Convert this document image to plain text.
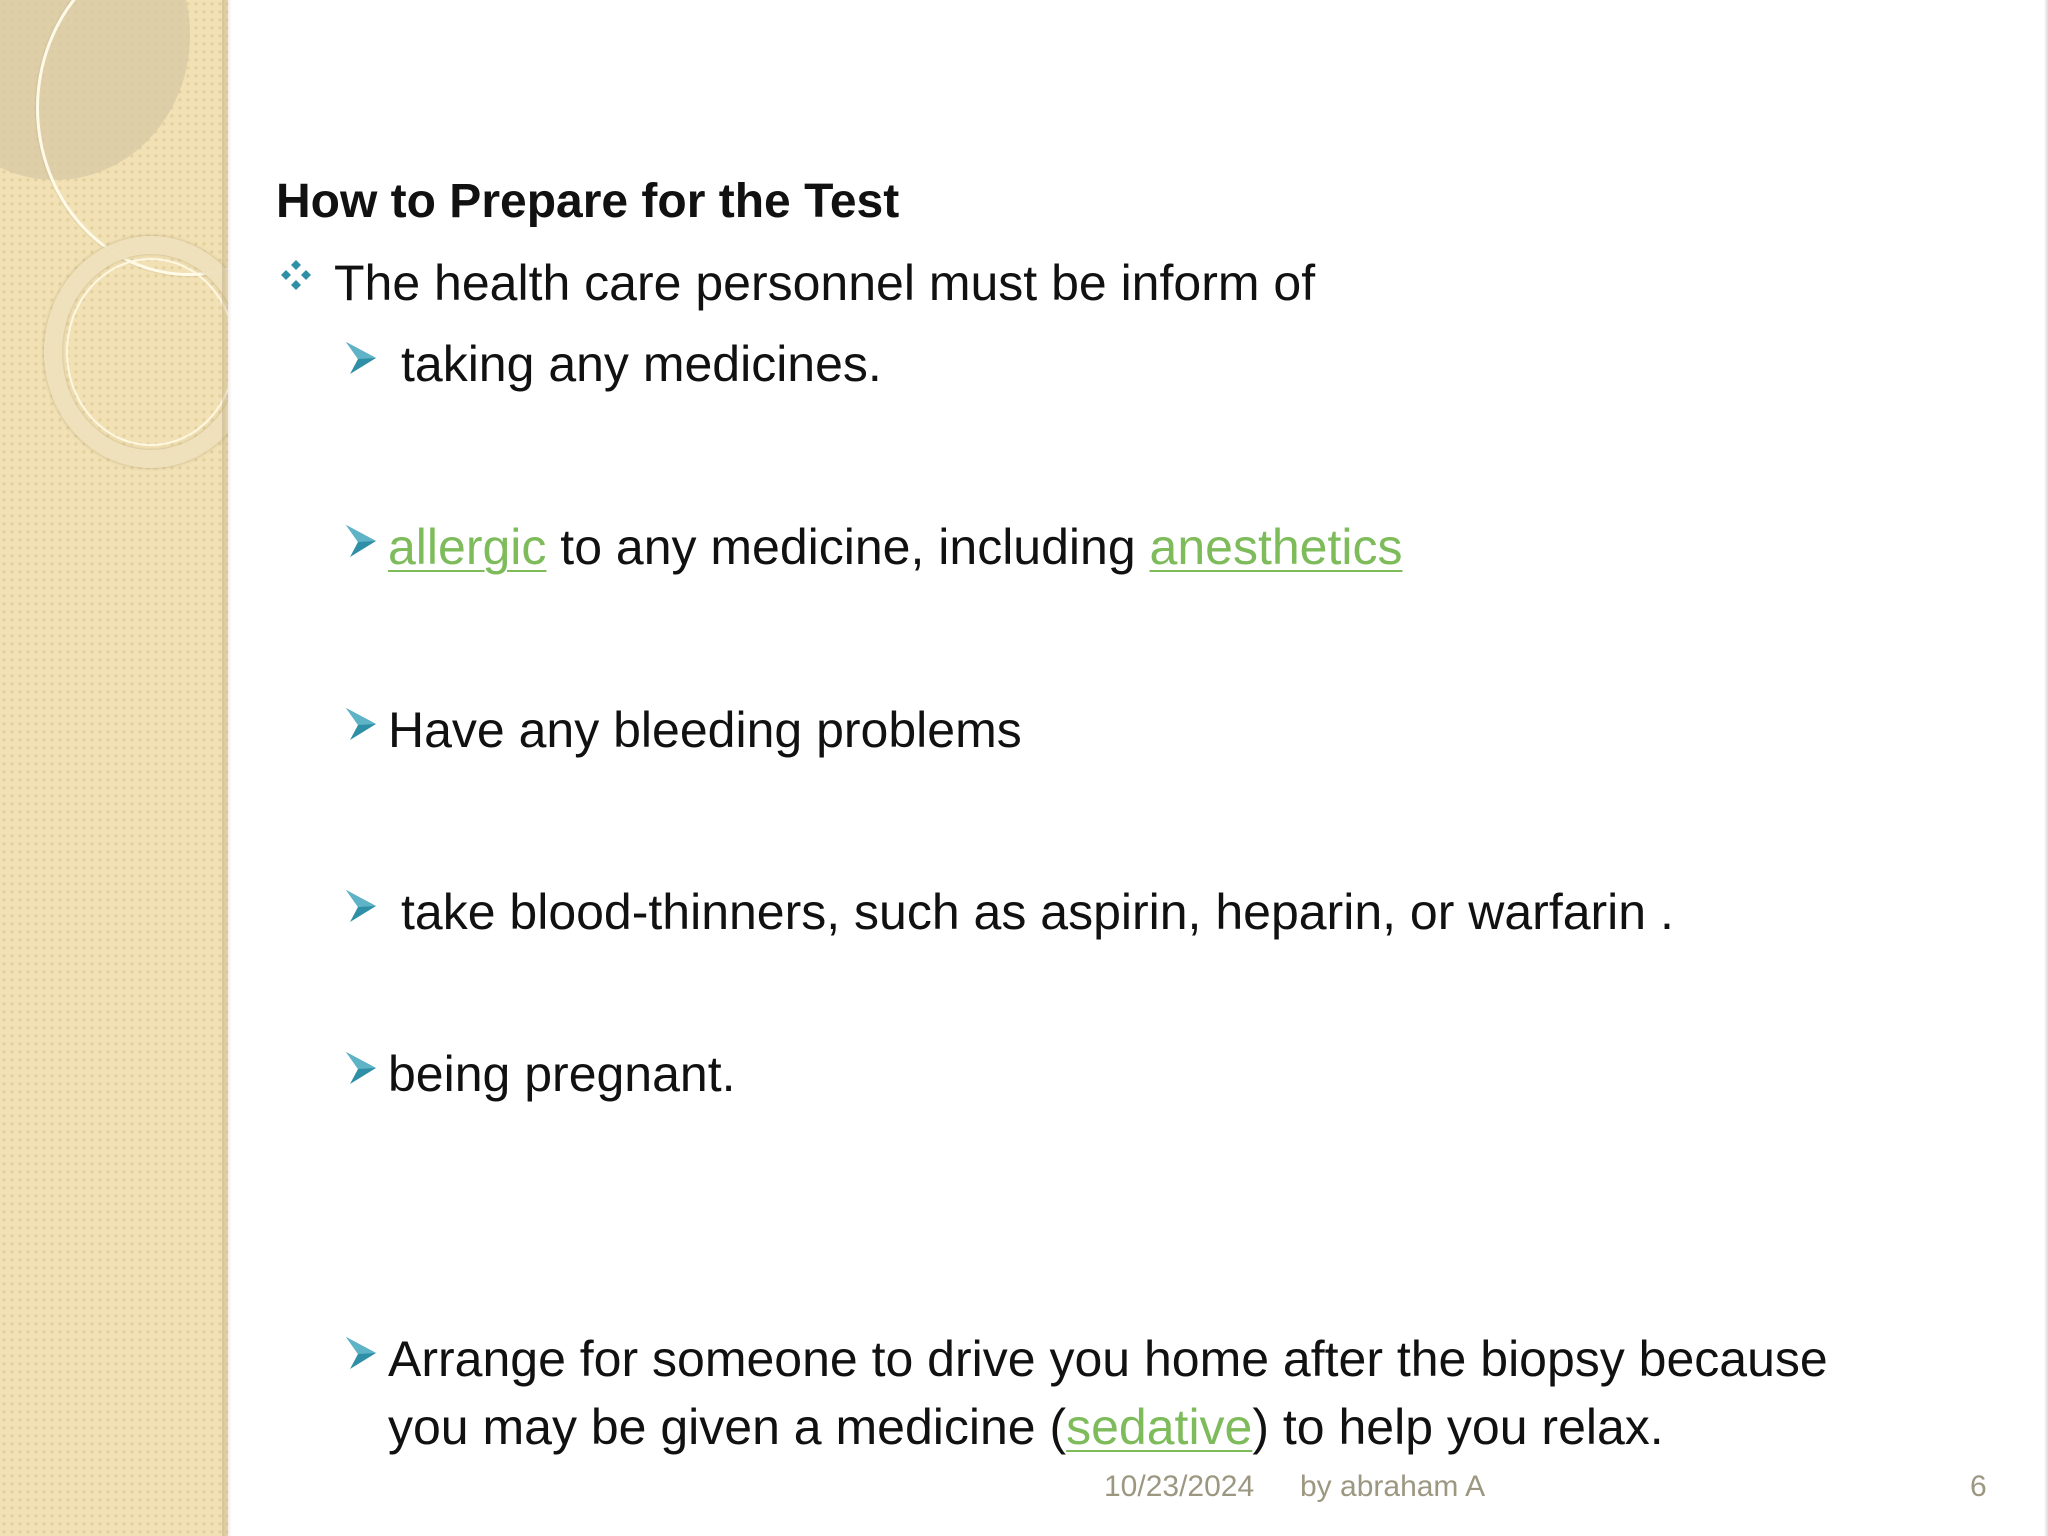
How to Prepare for the Test
The health care personnel must be inform of
taking any medicines.
allergic to any medicine, including anesthetics
Have any bleeding problems
take blood-thinners, such as aspirin, heparin, or warfarin .
being pregnant.
Arrange for someone to drive you home after the biopsy because
you may be given a medicine (sedative) to help you relax.
10/23/2024 by abraham A	6
